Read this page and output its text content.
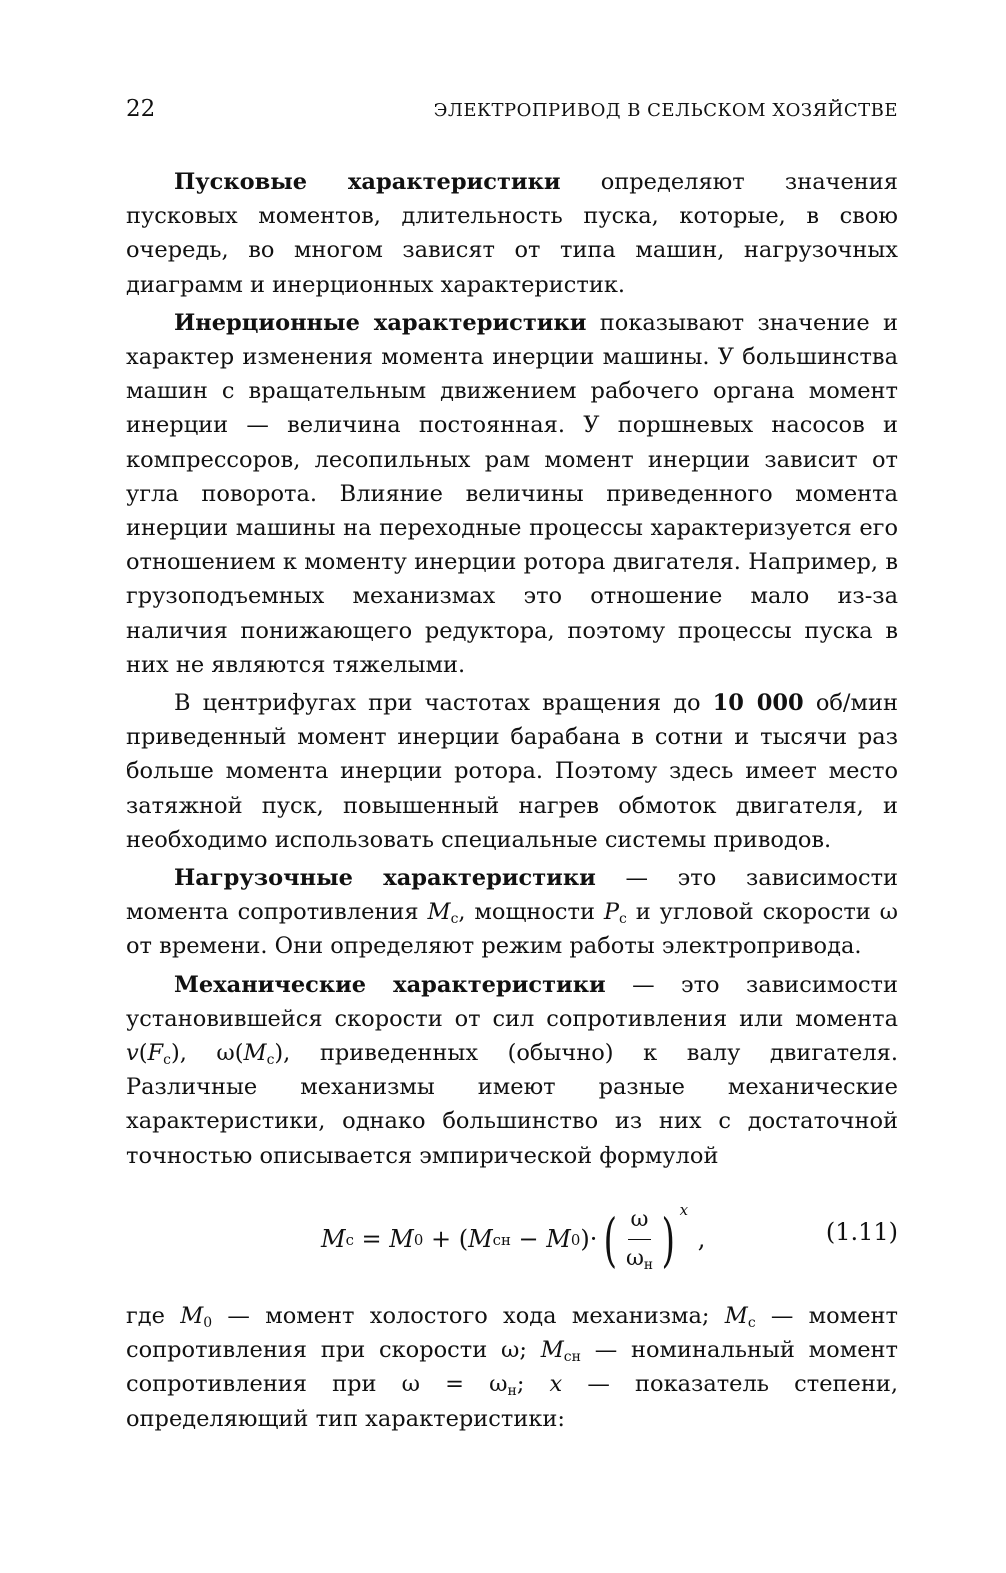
22	ЭЛЕКТРОПРИВОД В СЕЛЬСКОМ ХОЗЯЙСТВЕ

Пусковые характеристики определяют значения пусковых моментов, длительность пуска, которые, в свою очередь, во многом зависят от типа машин, нагрузочных диаграмм и инерционных характеристик.

Инерционные характеристики показывают значение и характер изменения момента инерции машины. У большинства машин с вращательным движением рабочего органа момент инерции — величина постоянная. У поршневых насосов и компрессоров, лесопильных рам момент инерции зависит от угла поворота. Влияние величины приведенного момента инерции машины на переходные процессы характеризуется его отношением к моменту инерции ротора двигателя. Например, в грузоподъемных механизмах это отношение мало из-за наличия понижающего редуктора, поэтому процессы пуска в них не являются тяжелыми.

В центрифугах при частотах вращения до 10 000 об/мин приведенный момент инерции барабана в сотни и тысячи раз больше момента инерции ротора. Поэтому здесь имеет место затяжной пуск, повышенный нагрев обмоток двигателя, и необходимо использовать специальные системы приводов.

Нагрузочные характеристики — это зависимости момента сопротивления $M_с$, мощности $P_с$ и угловой скорости ω от времени. Они определяют режим работы электропривода.

Механические характеристики — это зависимости установившейся скорости от сил сопротивления или момента $v(F_с)$, $\omega(M_с)$, приведенных (обычно) к валу двигателя. Различные механизмы имеют разные механические характеристики, однако большинство из них с достаточной точностью описывается эмпирической формулой

M с = M 0 + ( M сн − M 0 )· ( $\frac{\omega}{\omega_н}$ ) x
,	(1.11)

где $M_0$ — момент холостого хода механизма; $M_с$ — момент сопротивления при скорости ω; $M_{сн}$ — номинальный момент сопротивления при $\omega = \omega_н$; x — показатель степени, определяющий тип характеристики:
